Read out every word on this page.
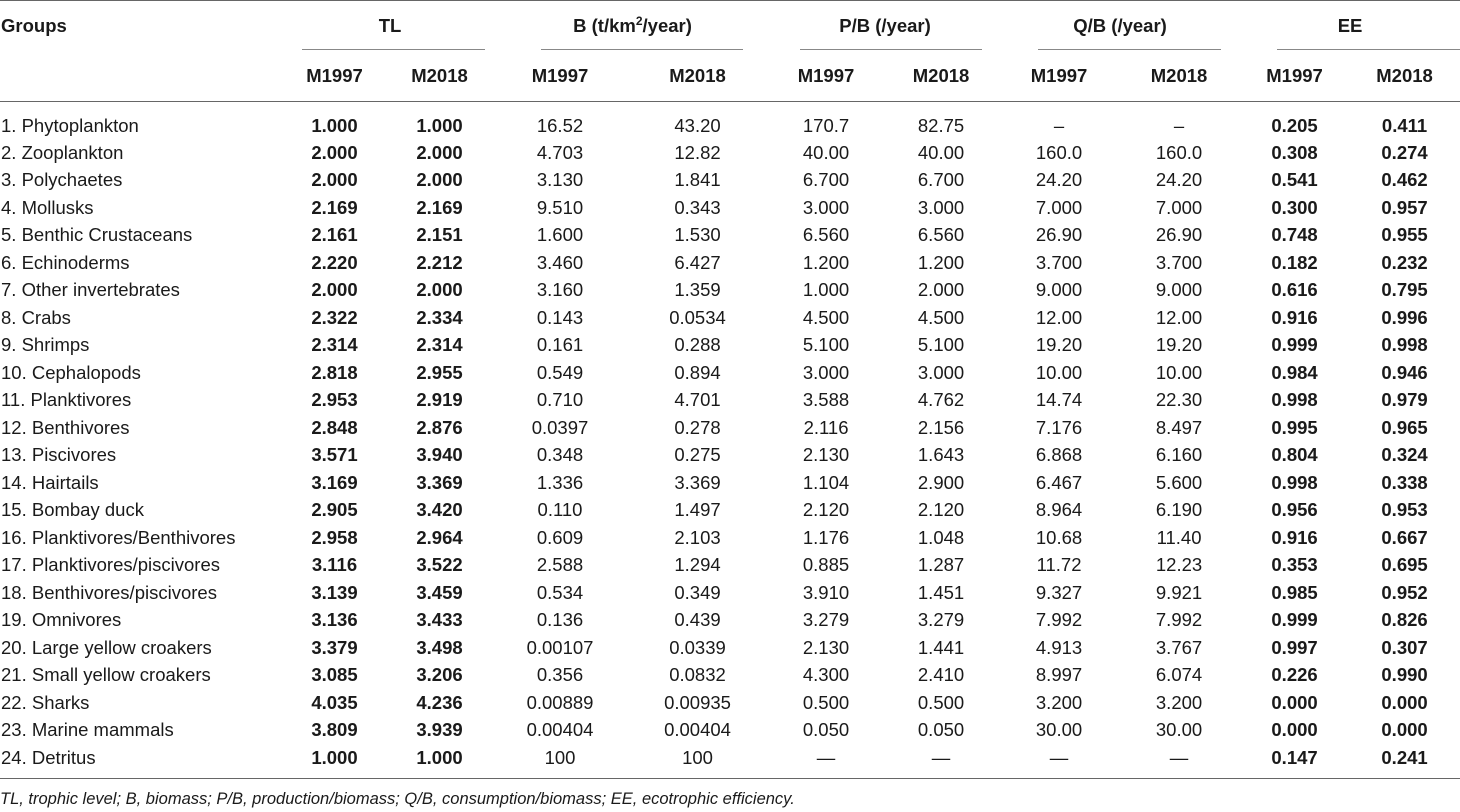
Groups	TL		B $(t/km^2/year)$		P/B (/year)		Q/B (/year)		EE	
	M1997	M2018	M1997	M2018	M1997	M2018	M1997	M2018	M1997	M2018
1. Phytoplankton	1.000	1.000	16.52	43.20	170.7	82.75	–	–	0.205	0.411
2. Zooplankton	2.000	2.000	4.703	12.82	40.00	40.00	160.0	160.0	0.308	0.274
3. Polychaetes	2.000	2.000	3.130	1.841	6.700	6.700	24.20	24.20	0.541	0.462
4. Mollusks	2.169	2.169	9.510	0.343	3.000	3.000	7.000	7.000	0.300	0.957
5. Benthic Crustaceans	2.161	2.151	1.600	1.530	6.560	6.560	26.90	26.90	0.748	0.955
6. Echinoderms	2.220	2.212	3.460	6.427	1.200	1.200	3.700	3.700	0.182	0.232
7. Other invertebrates	2.000	2.000	3.160	1.359	1.000	2.000	9.000	9.000	0.616	0.795
8. Crabs	2.322	2.334	0.143	0.0534	4.500	4.500	12.00	12.00	0.916	0.996
9. Shrimps	2.314	2.314	0.161	0.288	5.100	5.100	19.20	19.20	0.999	0.998
10. Cephalopods	2.818	2.955	0.549	0.894	3.000	3.000	10.00	10.00	0.984	0.946
11. Planktivores	2.953	2.919	0.710	4.701	3.588	4.762	14.74	22.30	0.998	0.979
12. Benthivores	2.848	2.876	0.0397	0.278	2.116	2.156	7.176	8.497	0.995	0.965
13. Piscivores	3.571	3.940	0.348	0.275	2.130	1.643	6.868	6.160	0.804	0.324
14. Hairtails	3.169	3.369	1.336	3.369	1.104	2.900	6.467	5.600	0.998	0.338
15. Bombay duck	2.905	3.420	0.110	1.497	2.120	2.120	8.964	6.190	0.956	0.953
16. Planktivores/Benthivores	2.958	2.964	0.609	2.103	1.176	1.048	10.68	11.40	0.916	0.667
17. Planktivores/piscivores	3.116	3.522	2.588	1.294	0.885	1.287	11.72	12.23	0.353	0.695
18. Benthivores/piscivores	3.139	3.459	0.534	0.349	3.910	1.451	9.327	9.921	0.985	0.952
19. Omnivores	3.136	3.433	0.136	0.439	3.279	3.279	7.992	7.992	0.999	0.826
20. Large yellow croakers	3.379	3.498	0.00107	0.0339	2.130	1.441	4.913	3.767	0.997	0.307
21. Small yellow croakers	3.085	3.206	0.356	0.0832	4.300	2.410	8.997	6.074	0.226	0.990
22. Sharks	4.035	4.236	0.00889	0.00935	0.500	0.500	3.200	3.200	0.000	0.000
23. Marine mammals	3.809	3.939	0.00404	0.00404	0.050	0.050	30.00	30.00	0.000	0.000
24. Detritus	1.000	1.000	100	100	—	—	—	—	0.147	0.241
TL, trophic level; B, biomass; P/B, production/biomass; Q/B, consumption/biomass; EE, ecotrophic efficiency.
